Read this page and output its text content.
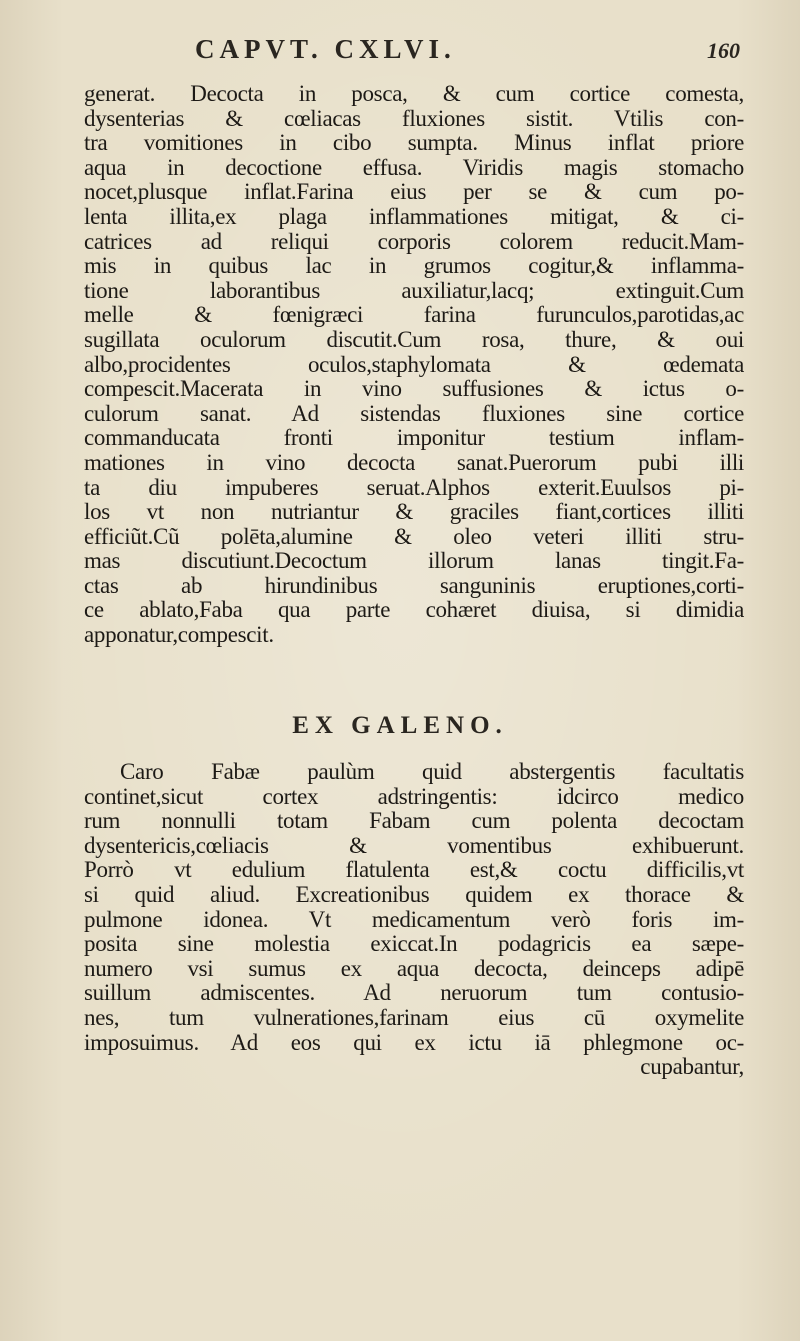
CAPVT. CXLVI.	160
generat. Decocta in posca, & cum cortice comesta,
dysenterias & cœliacas fluxiones sistit. Vtilis con-
tra vomitiones in cibo sumpta. Minus inflat priore
aqua in decoctione effusa. Viridis magis stomacho
nocet,plusque inflat.Farina eius per se & cum po-
lenta illita,ex plaga inflammationes mitigat, & ci-
catrices ad reliqui corporis colorem reducit.Mam-
mis in quibus lac in grumos cogitur,& inflamma-
tione laborantibus auxiliatur,lacq; extinguit.Cum
melle & fœnigræci farina furunculos,parotidas,ac
sugillata oculorum discutit.Cum rosa, thure, & oui
albo,procidentes oculos,staphylomata & œdemata
compescit.Macerata in vino suffusiones & ictus o-
culorum sanat. Ad sistendas fluxiones sine cortice
commanducata fronti imponitur testium inflam-
mationes in vino decocta sanat.Puerorum pubi illi
ta diu impuberes seruat.Alphos exterit.Euulsos pi-
los vt non nutriantur & graciles fiant,cortices illiti
efficiũt.Cũ polēta,alumine & oleo veteri illiti stru-
mas discutiunt.Decoctum illorum lanas tingit.Fa-
ctas ab hirundinibus sanguninis eruptiones,corti-
ce ablato,Faba qua parte cohæret diuisa, si dimidia
apponatur,compescit.
EX GALENO.
Caro Fabæ paulùm quid abstergentis facultatis
continet,sicut cortex adstringentis: idcirco medico
rum nonnulli totam Fabam cum polenta decoctam
dysentericis,cœliacis & vomentibus exhibuerunt.
Porrò vt edulium flatulenta est,& coctu difficilis,vt
si quid aliud. Excreationibus quidem ex thorace &
pulmone idonea. Vt medicamentum verò foris im-
posita sine molestia exiccat.In podagricis ea sæpe-
numero vsi sumus ex aqua decocta, deinceps adipē
suillum admiscentes. Ad neruorum tum contusio-
nes, tum vulnerationes,farinam eius cū oxymelite
imposuimus. Ad eos qui ex ictu iā phlegmone oc-
cupabantur,
